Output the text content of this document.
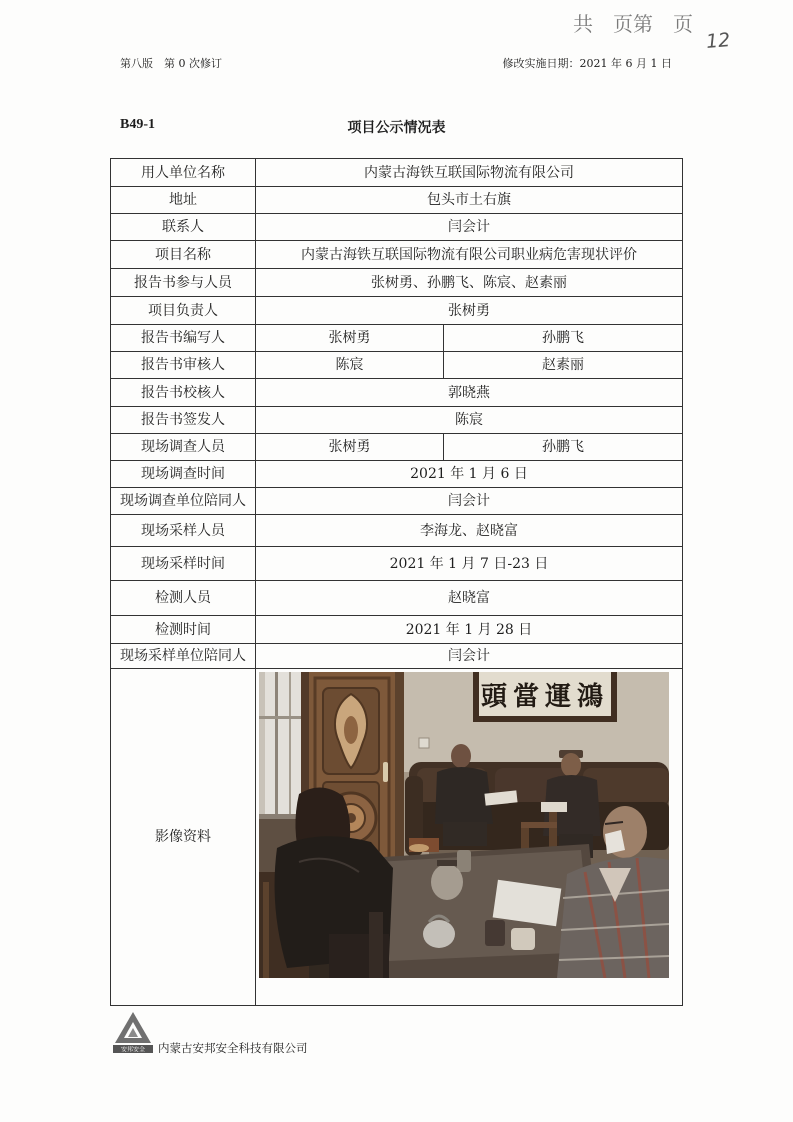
共　页第　页
12
第八版　第 0 次修订	修改实施日期：2021 年 6 月 1 日
B49-1	项目公示情况表
用人单位名称	内蒙古海铁互联国际物流有限公司	
地址	包头市土右旗	
联系人	闫会计	
项目名称	内蒙古海铁互联国际物流有限公司职业病危害现状评价	
报告书参与人员	张树勇、孙鹏飞、陈宸、赵素丽	
项目负责人	张树勇	
报告书编写人	张树勇	孙鹏飞
报告书审核人	陈宸	赵素丽
报告书校核人	郭晓燕	
报告书签发人	陈宸	
现场调查人员	张树勇	孙鹏飞
现场调查时间	2021 年 1 月 6 日	
现场调查单位陪同人	闫会计	
现场采样人员	李海龙、赵晓富	
现场采样时间	2021 年 1 月 7 日-23 日	
检测人员	赵晓富	
检测时间	2021 年 1 月 28 日	
现场采样单位陪同人	闫会计	
影像资料	頭當運鴻	
安邦安全 内蒙古安邦安全科技有限公司
